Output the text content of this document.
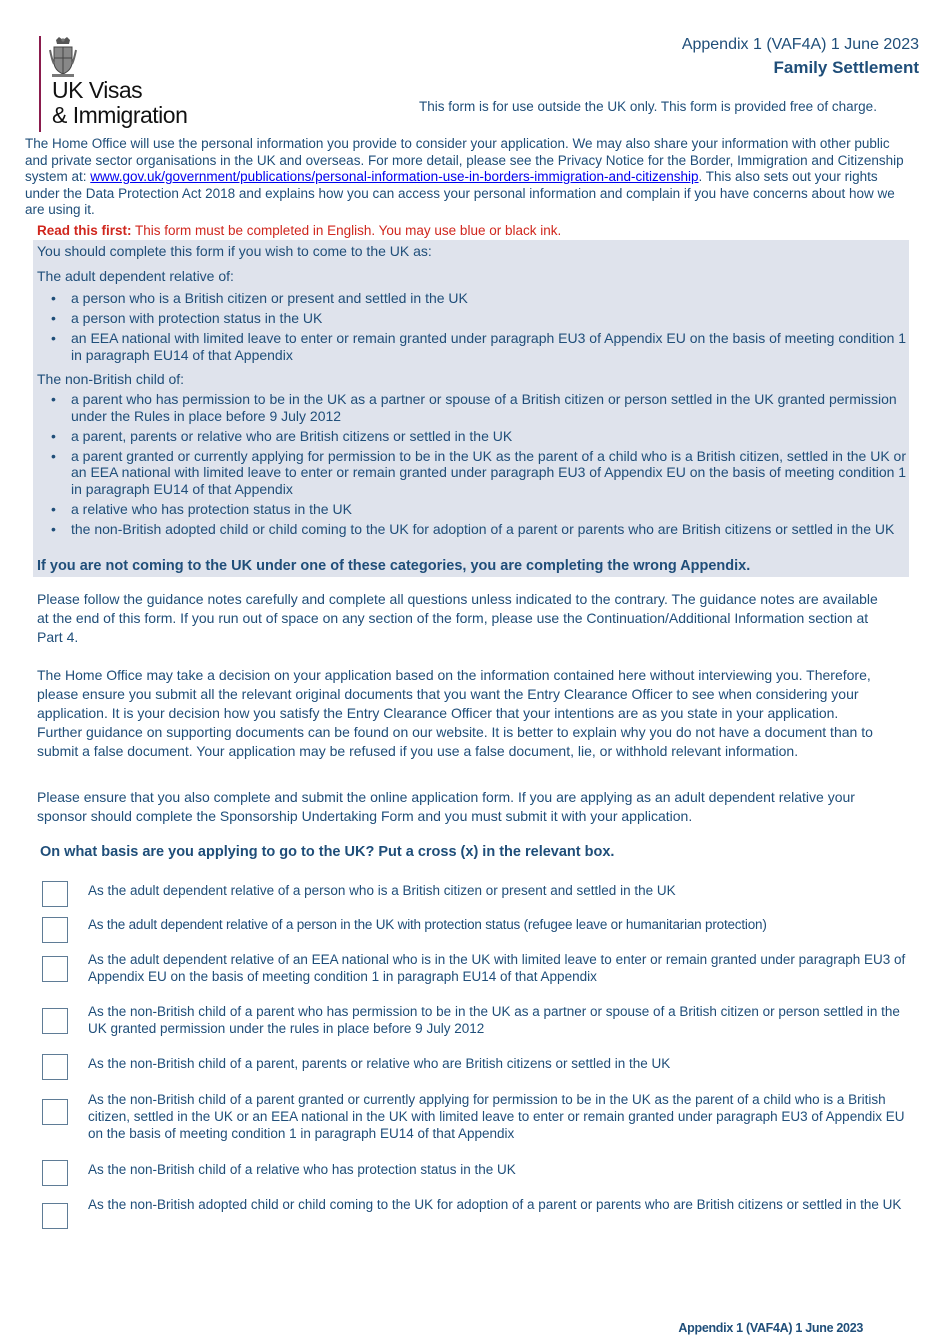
UK Visas
& Immigration
Appendix 1 (VAF4A) 1 June 2023
Family Settlement
This form is for use outside the UK only. This form is provided free of charge.
The Home Office will use the personal information you provide to consider your application. We may also share your information with other public and private sector organisations in the UK and overseas. For more detail, please see the Privacy Notice for the Border, Immigration and Citizenship system at: www.gov.uk/government/publications/personal-information-use-in-borders-immigration-and-citizenship. This also sets out your rights under the Data Protection Act 2018 and explains how you can access your personal information and complain if you have concerns about how we are using it.
Read this first: This form must be completed in English. You may use blue or black ink.
You should complete this form if you wish to come to the UK as:
The adult dependent relative of:
• a person who is a British citizen or present and settled in the UK
• a person with protection status in the UK
• an EEA national with limited leave to enter or remain granted under paragraph EU3 of Appendix EU on the basis of meeting condition 1 in paragraph EU14 of that Appendix
The non-British child of:
• a parent who has permission to be in the UK as a partner or spouse of a British citizen or person settled in the UK granted permission under the Rules in place before 9 July 2012
• a parent, parents or relative who are British citizens or settled in the UK
• a parent granted or currently applying for permission to be in the UK as the parent of a child who is a British citizen, settled in the UK or an EEA national with limited leave to enter or remain granted under paragraph EU3 of Appendix EU on the basis of meeting condition 1 in paragraph EU14 of that Appendix
• a relative who has protection status in the UK
• the non-British adopted child or child coming to the UK for adoption of a parent or parents who are British citizens or settled in the UK
If you are not coming to the UK under one of these categories, you are completing the wrong Appendix.
Please follow the guidance notes carefully and complete all questions unless indicated to the contrary. The guidance notes are available at the end of this form. If you run out of space on any section of the form, please use the Continuation/Additional Information section at Part 4.
The Home Office may take a decision on your application based on the information contained here without interviewing you. Therefore, please ensure you submit all the relevant original documents that you want the Entry Clearance Officer to see when considering your application. It is your decision how you satisfy the Entry Clearance Officer that your intentions are as you state in your application. Further guidance on supporting documents can be found on our website. It is better to explain why you do not have a document than to submit a false document. Your application may be refused if you use a false document, lie, or withhold relevant information.
Please ensure that you also complete and submit the online application form. If you are applying as an adult dependent relative your sponsor should complete the Sponsorship Undertaking Form and you must submit it with your application.
On what basis are you applying to go to the UK? Put a cross (x) in the relevant box.
As the adult dependent relative of a person who is a British citizen or present and settled in the UK
As the adult dependent relative of a person in the UK with protection status (refugee leave or humanitarian protection)
As the adult dependent relative of an EEA national who is in the UK with limited leave to enter or remain granted under paragraph EU3 of Appendix EU on the basis of meeting condition 1 in paragraph EU14 of that Appendix
As the non-British child of a parent who has permission to be in the UK as a partner or spouse of a British citizen or person settled in the UK granted permission under the rules in place before 9 July 2012
As the non-British child of a parent, parents or relative who are British citizens or settled in the UK
As the non-British child of a parent granted or currently applying for permission to be in the UK as the parent of a child who is a British citizen, settled in the UK or an EEA national in the UK with limited leave to enter or remain granted under paragraph EU3 of Appendix EU on the basis of meeting condition 1 in paragraph EU14 of that Appendix
As the non-British child of a relative who has protection status in the UK
As the non-British adopted child or child coming to the UK for adoption of a parent or parents who are British citizens or settled in the UK
Appendix 1 (VAF4A) 1 June 2023
